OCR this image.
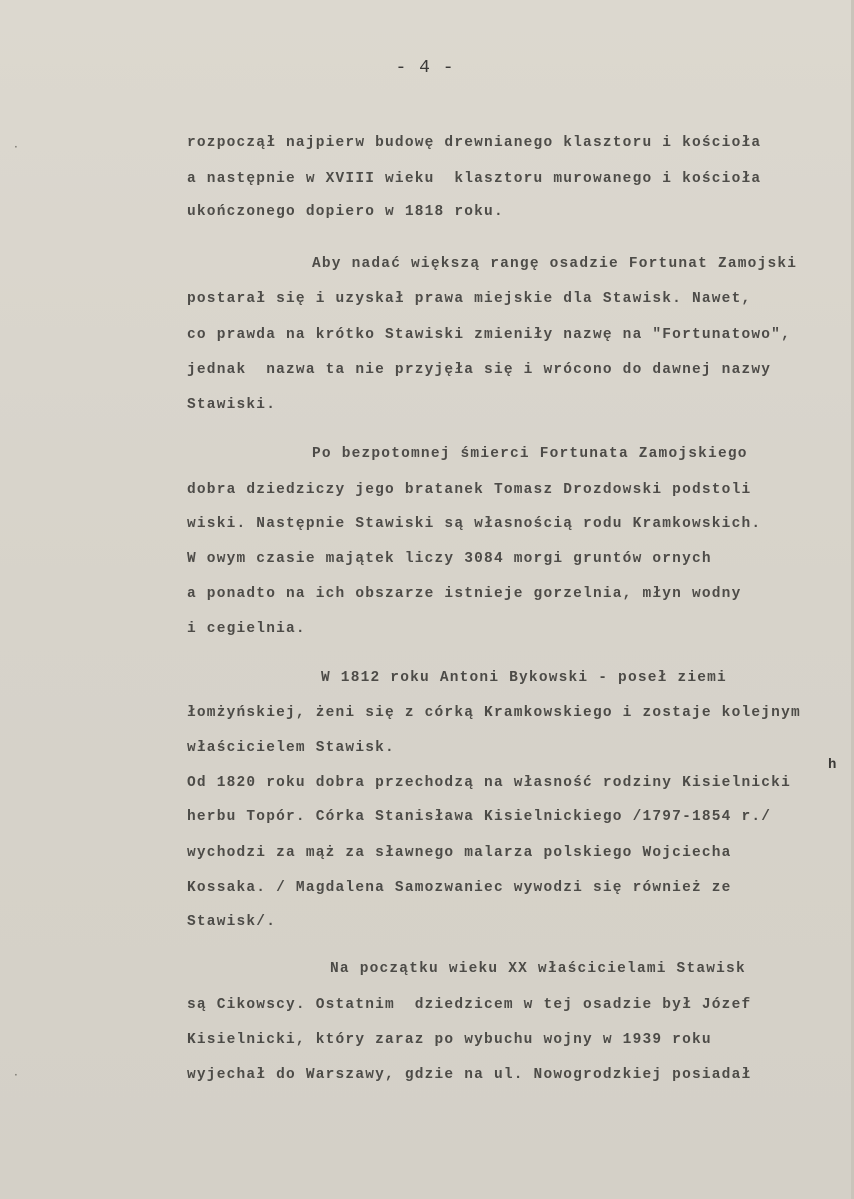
- 4 -
·
·
rozpoczął najpierw budowę drewnianego klasztoru i kościoła
a następnie w XVIII wieku  klasztoru murowanego i kościoła
ukończonego dopiero w 1818 roku.
Aby nadać większą rangę osadzie Fortunat Zamojski
postarał się i uzyskał prawa miejskie dla Stawisk. Nawet,
co prawda na krótko Stawiski zmieniły nazwę na "Fortunatowo",
jednak  nazwa ta nie przyjęła się i wrócono do dawnej nazwy
Stawiski.
Po bezpotomnej śmierci Fortunata Zamojskiego
dobra dziedziczy jego bratanek Tomasz Drozdowski podstoli
wiski. Następnie Stawiski są własnością rodu Kramkowskich.
W owym czasie majątek liczy 3084 morgi gruntów ornych
a ponadto na ich obszarze istnieje gorzelnia, młyn wodny
i cegielnia.
W 1812 roku Antoni Bykowski - poseł ziemi
łomżyńskiej, żeni się z córką Kramkowskiego i zostaje kolejnym
właścicielem Stawisk.
h
Od 1820 roku dobra przechodzą na własność rodziny Kisielnicki
herbu Topór. Córka Stanisława Kisielnickiego /1797-1854 r./
wychodzi za mąż za sławnego malarza polskiego Wojciecha
Kossaka. / Magdalena Samozwaniec wywodzi się również ze
Stawisk/.
Na początku wieku XX właścicielami Stawisk
są Cikowscy. Ostatnim  dziedzicem w tej osadzie był Józef
Kisielnicki, który zaraz po wybuchu wojny w 1939 roku
wyjechał do Warszawy, gdzie na ul. Nowogrodzkiej posiadał
